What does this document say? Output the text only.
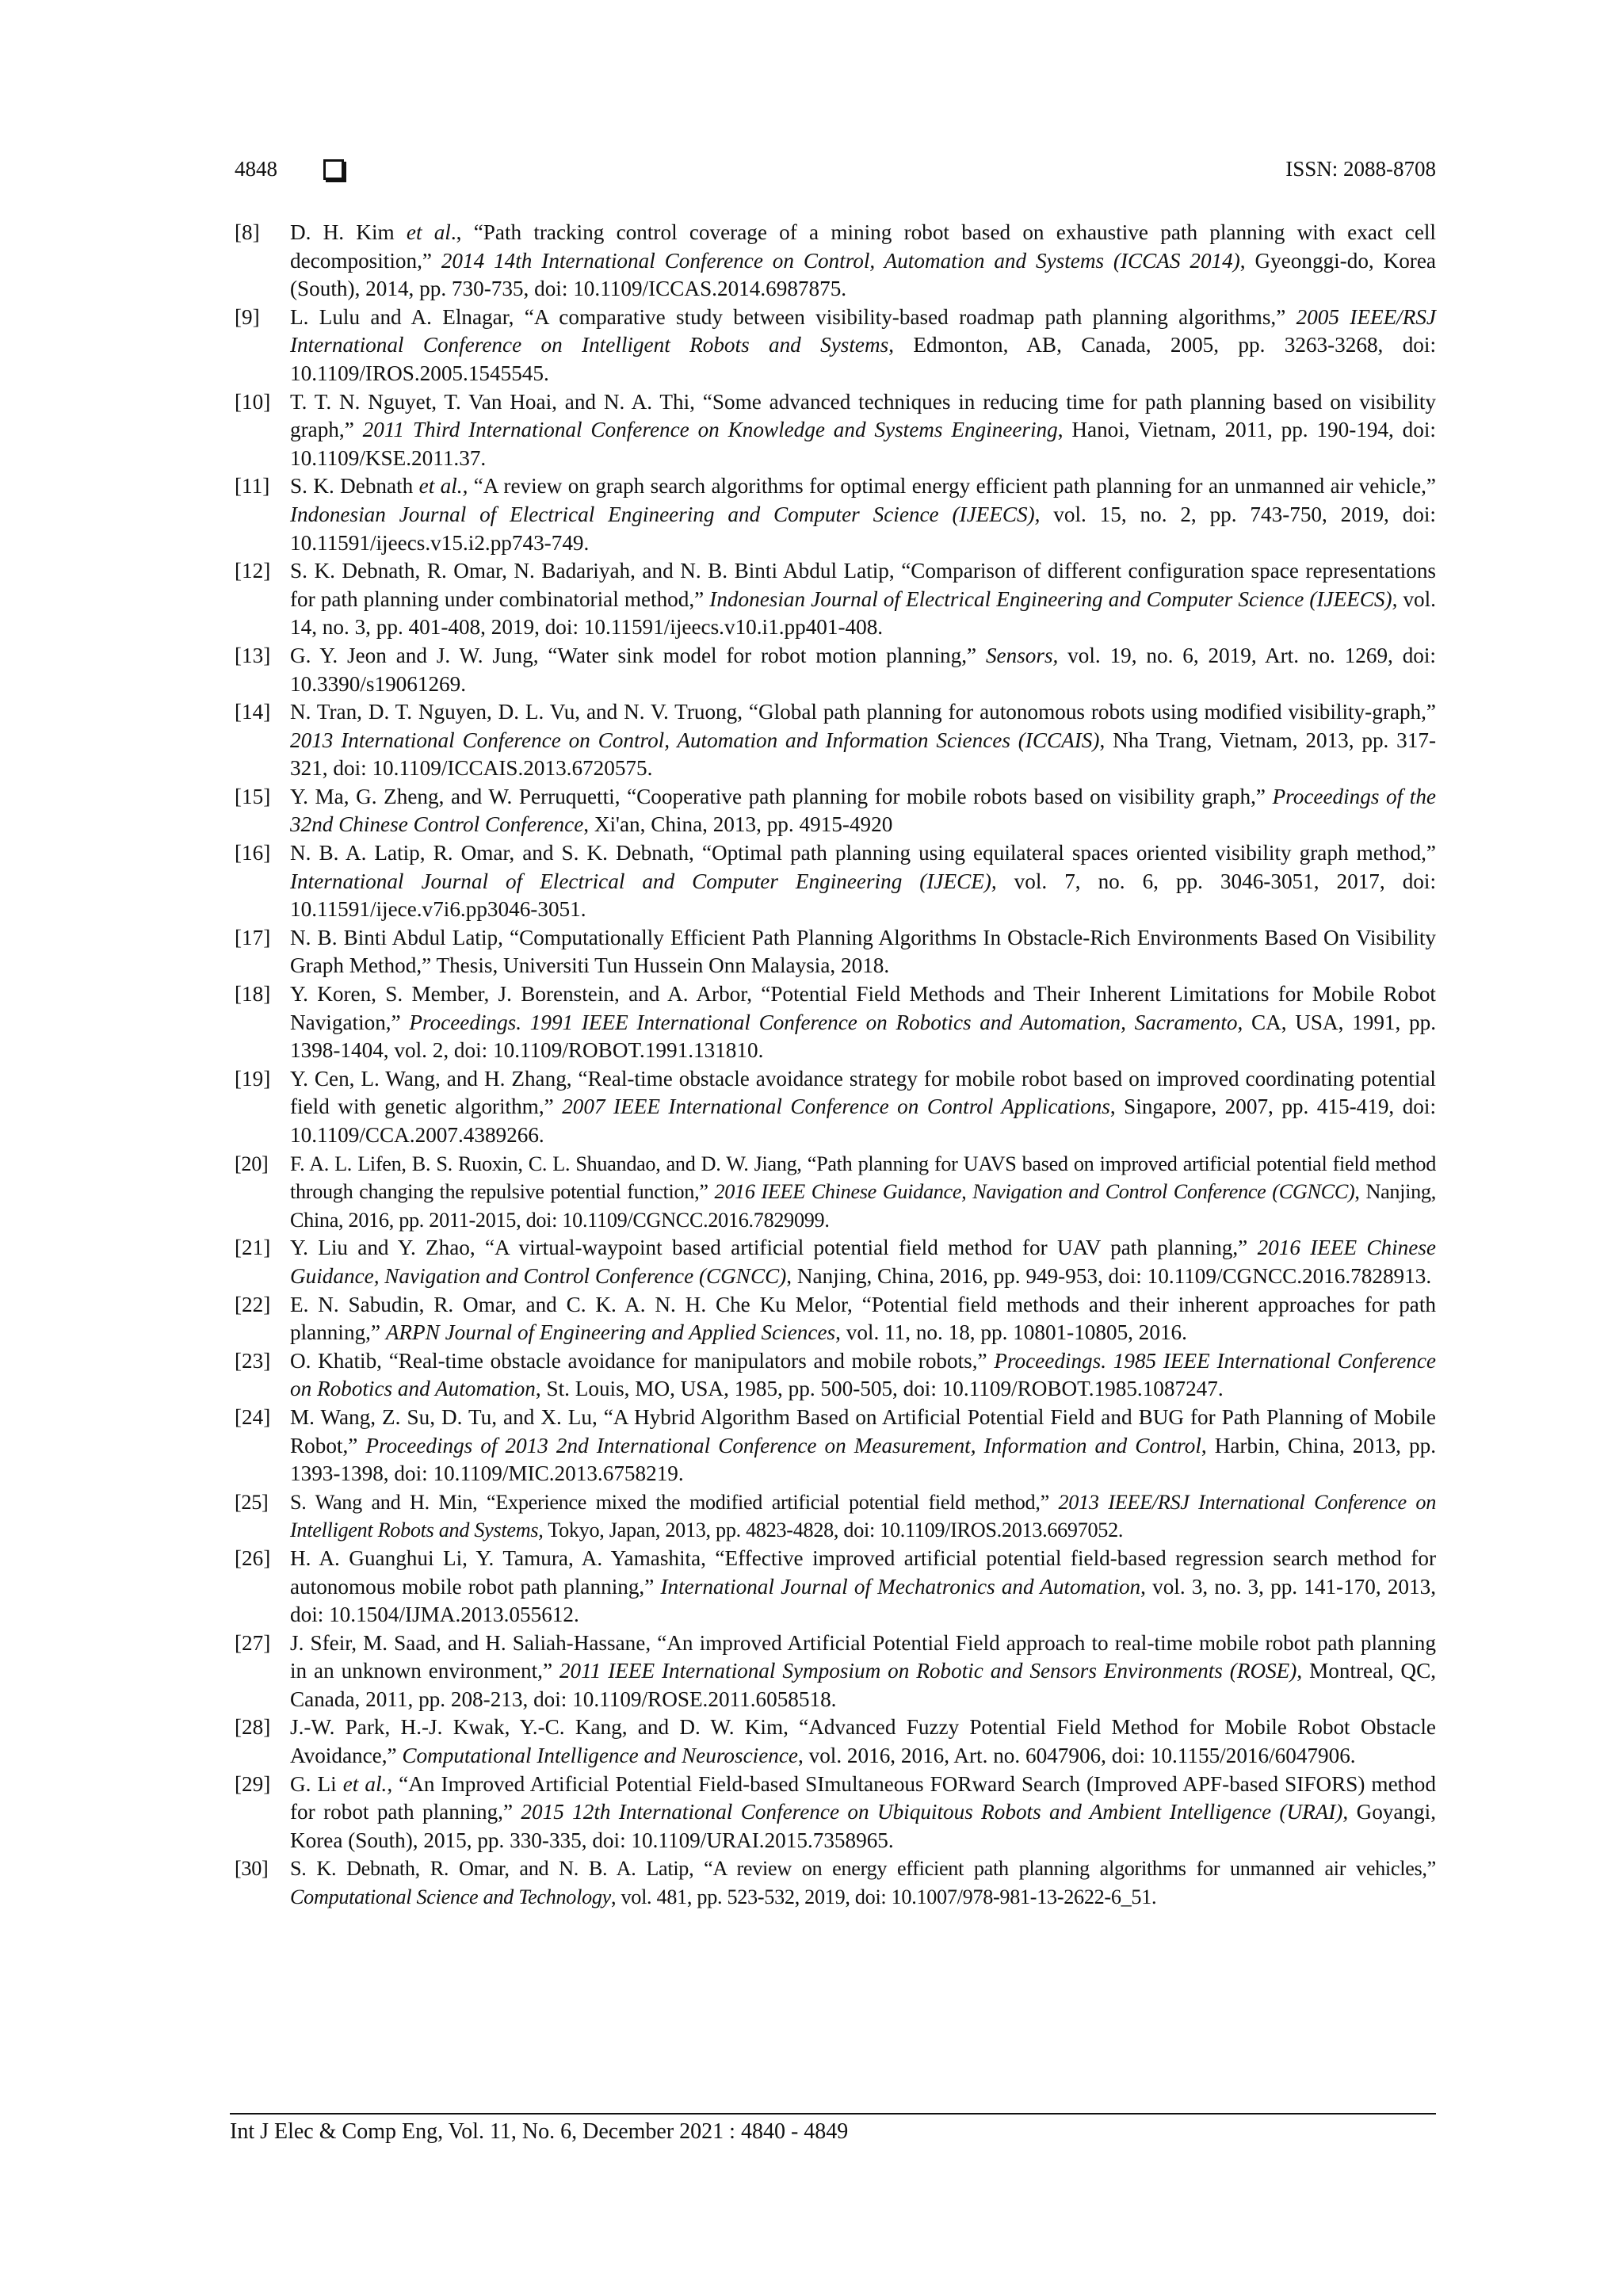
4848	ISSN: 2088-8708
[8] D. H. Kim et al., “Path tracking control coverage of a mining robot based on exhaustive path planning with exact cell decomposition,” 2014 14th International Conference on Control, Automation and Systems (ICCAS 2014), Gyeonggi-do, Korea (South), 2014, pp. 730-735, doi: 10.1109/ICCAS.2014.6987875.
[9] L. Lulu and A. Elnagar, “A comparative study between visibility-based roadmap path planning algorithms,” 2005 IEEE/RSJ International Conference on Intelligent Robots and Systems, Edmonton, AB, Canada, 2005, pp. 3263-3268, doi: 10.1109/IROS.2005.1545545.
[10] T. T. N. Nguyet, T. Van Hoai, and N. A. Thi, “Some advanced techniques in reducing time for path planning based on visibility graph,” 2011 Third International Conference on Knowledge and Systems Engineering, Hanoi, Vietnam, 2011, pp. 190-194, doi: 10.1109/KSE.2011.37.
[11] S. K. Debnath et al., “A review on graph search algorithms for optimal energy efficient path planning for an unmanned air vehicle,” Indonesian Journal of Electrical Engineering and Computer Science (IJEECS), vol. 15, no. 2, pp. 743-750, 2019, doi: 10.11591/ijeecs.v15.i2.pp743-749.
[12] S. K. Debnath, R. Omar, N. Badariyah, and N. B. Binti Abdul Latip, “Comparison of different configuration space representations for path planning under combinatorial method,” Indonesian Journal of Electrical Engineering and Computer Science (IJEECS), vol. 14, no. 3, pp. 401-408, 2019, doi: 10.11591/ijeecs.v10.i1.pp401-408.
[13] G. Y. Jeon and J. W. Jung, “Water sink model for robot motion planning,” Sensors, vol. 19, no. 6, 2019, Art. no. 1269, doi: 10.3390/s19061269.
[14] N. Tran, D. T. Nguyen, D. L. Vu, and N. V. Truong, “Global path planning for autonomous robots using modified visibility-graph,” 2013 International Conference on Control, Automation and Information Sciences (ICCAIS), Nha Trang, Vietnam, 2013, pp. 317-321, doi: 10.1109/ICCAIS.2013.6720575.
[15] Y. Ma, G. Zheng, and W. Perruquetti, “Cooperative path planning for mobile robots based on visibility graph,” Proceedings of the 32nd Chinese Control Conference, Xi'an, China, 2013, pp. 4915-4920
[16] N. B. A. Latip, R. Omar, and S. K. Debnath, “Optimal path planning using equilateral spaces oriented visibility graph method,” International Journal of Electrical and Computer Engineering (IJECE), vol. 7, no. 6, pp. 3046-3051, 2017, doi: 10.11591/ijece.v7i6.pp3046-3051.
[17] N. B. Binti Abdul Latip, “Computationally Efficient Path Planning Algorithms In Obstacle-Rich Environments Based On Visibility Graph Method,” Thesis, Universiti Tun Hussein Onn Malaysia, 2018.
[18] Y. Koren, S. Member, J. Borenstein, and A. Arbor, “Potential Field Methods and Their Inherent Limitations for Mobile Robot Navigation,” Proceedings. 1991 IEEE International Conference on Robotics and Automation, Sacramento, CA, USA, 1991, pp. 1398-1404, vol. 2, doi: 10.1109/ROBOT.1991.131810.
[19] Y. Cen, L. Wang, and H. Zhang, “Real-time obstacle avoidance strategy for mobile robot based on improved coordinating potential field with genetic algorithm,” 2007 IEEE International Conference on Control Applications, Singapore, 2007, pp. 415-419, doi: 10.1109/CCA.2007.4389266.
[20] F. A. L. Lifen, B. S. Ruoxin, C. L. Shuandao, and D. W. Jiang, “Path planning for UAVS based on improved artificial potential field method through changing the repulsive potential function,” 2016 IEEE Chinese Guidance, Navigation and Control Conference (CGNCC), Nanjing, China, 2016, pp. 2011-2015, doi: 10.1109/CGNCC.2016.7829099.
[21] Y. Liu and Y. Zhao, “A virtual-waypoint based artificial potential field method for UAV path planning,” 2016 IEEE Chinese Guidance, Navigation and Control Conference (CGNCC), Nanjing, China, 2016, pp. 949-953, doi: 10.1109/CGNCC.2016.7828913.
[22] E. N. Sabudin, R. Omar, and C. K. A. N. H. Che Ku Melor, “Potential field methods and their inherent approaches for path planning,” ARPN Journal of Engineering and Applied Sciences, vol. 11, no. 18, pp. 10801-10805, 2016.
[23] O. Khatib, “Real-time obstacle avoidance for manipulators and mobile robots,” Proceedings. 1985 IEEE International Conference on Robotics and Automation, St. Louis, MO, USA, 1985, pp. 500-505, doi: 10.1109/ROBOT.1985.1087247.
[24] M. Wang, Z. Su, D. Tu, and X. Lu, “A Hybrid Algorithm Based on Artificial Potential Field and BUG for Path Planning of Mobile Robot,” Proceedings of 2013 2nd International Conference on Measurement, Information and Control, Harbin, China, 2013, pp. 1393-1398, doi: 10.1109/MIC.2013.6758219.
[25] S. Wang and H. Min, “Experience mixed the modified artificial potential field method,” 2013 IEEE/RSJ International Conference on Intelligent Robots and Systems, Tokyo, Japan, 2013, pp. 4823-4828, doi: 10.1109/IROS.2013.6697052.
[26] H. A. Guanghui Li, Y. Tamura, A. Yamashita, “Effective improved artificial potential field-based regression search method for autonomous mobile robot path planning,” International Journal of Mechatronics and Automation, vol. 3, no. 3, pp. 141-170, 2013, doi: 10.1504/IJMA.2013.055612.
[27] J. Sfeir, M. Saad, and H. Saliah-Hassane, “An improved Artificial Potential Field approach to real-time mobile robot path planning in an unknown environment,” 2011 IEEE International Symposium on Robotic and Sensors Environments (ROSE), Montreal, QC, Canada, 2011, pp. 208-213, doi: 10.1109/ROSE.2011.6058518.
[28] J.-W. Park, H.-J. Kwak, Y.-C. Kang, and D. W. Kim, “Advanced Fuzzy Potential Field Method for Mobile Robot Obstacle Avoidance,” Computational Intelligence and Neuroscience, vol. 2016, 2016, Art. no. 6047906, doi: 10.1155/2016/6047906.
[29] G. Li et al., “An Improved Artificial Potential Field-based SImultaneous FORward Search (Improved APF-based SIFORS) method for robot path planning,” 2015 12th International Conference on Ubiquitous Robots and Ambient Intelligence (URAI), Goyangi, Korea (South), 2015, pp. 330-335, doi: 10.1109/URAI.2015.7358965.
[30] S. K. Debnath, R. Omar, and N. B. A. Latip, “A review on energy efficient path planning algorithms for unmanned air vehicles,” Computational Science and Technology, vol. 481, pp. 523-532, 2019, doi: 10.1007/978-981-13-2622-6_51.
Int J Elec & Comp Eng, Vol. 11, No. 6, December 2021 : 4840 - 4849
